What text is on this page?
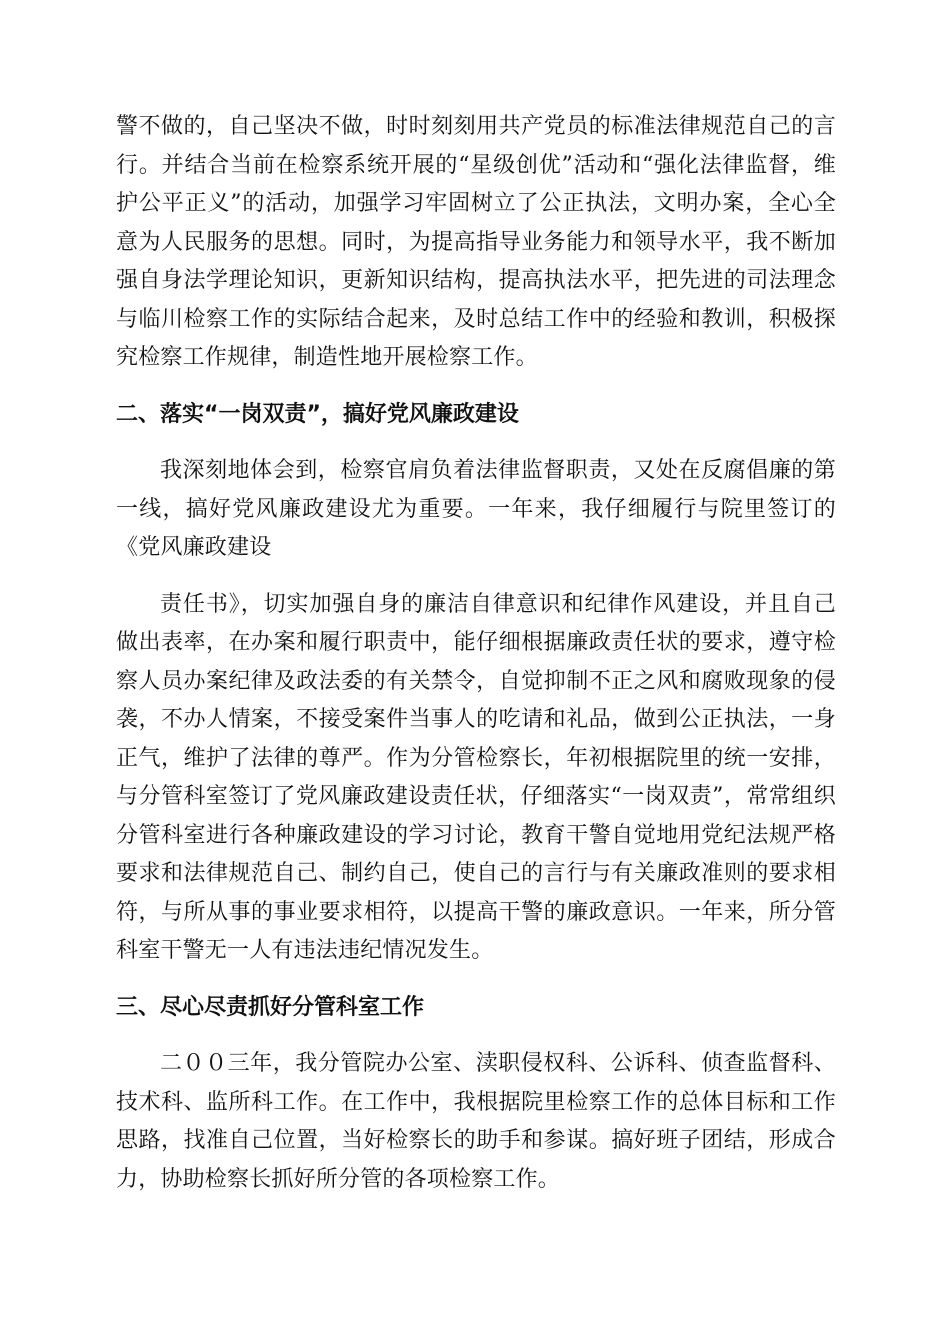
警不做的，自己坚决不做，时时刻刻用共产党员的标准法律规范自己的言行。并结合当前在检察系统开展的“星级创优”活动和“强化法律监督，维护公平正义”的活动，加强学习牢固树立了公正执法，文明办案，全心全意为人民服务的思想。同时，为提高指导业务能力和领导水平，我不断加强自身法学理论知识，更新知识结构，提高执法水平，把先进的司法理念与临川检察工作的实际结合起来，及时总结工作中的经验和教训，积极探究检察工作规律，制造性地开展检察工作。

二、落实“一岗双责”，搞好党风廉政建设

我深刻地体会到，检察官肩负着法律监督职责，又处在反腐倡廉的第一线，搞好党风廉政建设尤为重要。一年来，我仔细履行与院里签订的《党风廉政建设

责任书》，切实加强自身的廉洁自律意识和纪律作风建设，并且自己做出表率，在办案和履行职责中，能仔细根据廉政责任状的要求，遵守检察人员办案纪律及政法委的有关禁令，自觉抑制不正之风和腐败现象的侵袭，不办人情案，不接受案件当事人的吃请和礼品，做到公正执法，一身正气，维护了法律的尊严。作为分管检察长，年初根据院里的统一安排，与分管科室签订了党风廉政建设责任状，仔细落实“一岗双责”，常常组织分管科室进行各种廉政建设的学习讨论，教育干警自觉地用党纪法规严格要求和法律规范自己、制约自己，使自己的言行与有关廉政准则的要求相符，与所从事的事业要求相符，以提高干警的廉政意识。一年来，所分管科室干警无一人有违法违纪情况发生。

三、尽心尽责抓好分管科室工作

二００三年，我分管院办公室、渎职侵权科、公诉科、侦查监督科、技术科、监所科工作。在工作中，我根据院里检察工作的总体目标和工作思路，找准自己位置，当好检察长的助手和参谋。搞好班子团结，形成合力，协助检察长抓好所分管的各项检察工作。
